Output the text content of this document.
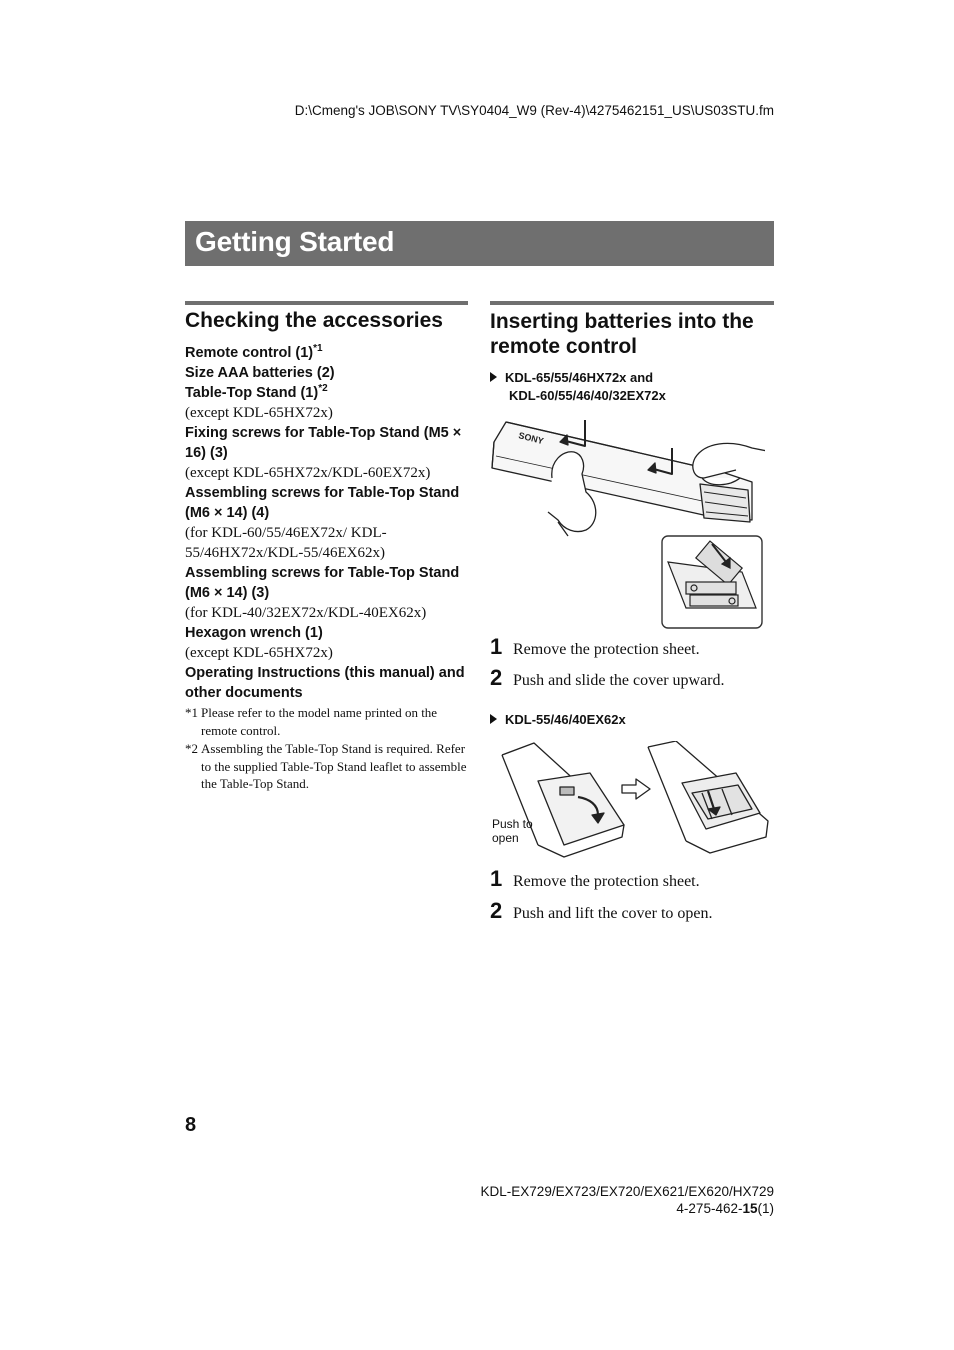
D:\Cmeng's JOB\SONY TV\SY0404_W9 (Rev-4)\4275462151_US\US03STU.fm
Getting Started
Checking the accessories
Remote control $(1)^{*1}$
Size AAA batteries (2)
Table-Top Stand $(1)^{*2}$
(except KDL-65HX72x)
Fixing screws for Table-Top Stand (M5 × 16) (3)
(except KDL-65HX72x/KDL-60EX72x)
Assembling screws for Table-Top Stand (M6 × 14) (4)
(for KDL-60/55/46EX72x/ KDL-55/46HX72x/KDL-55/46EX62x)
Assembling screws for Table-Top Stand (M6 × 14) (3)
(for KDL-40/32EX72x/KDL-40EX62x)
Hexagon wrench (1)
(except KDL-65HX72x)
Operating Instructions (this manual) and other documents
*1 Please refer to the model name printed on the remote control.
*2 Assembling the Table-Top Stand is required. Refer to the supplied Table-Top Stand leaflet to assemble the Table-Top Stand.
Inserting batteries into the remote control
KDL-65/55/46HX72x and
KDL-60/55/46/40/32EX72x
SONY
1 Remove the protection sheet.
2 Push and slide the cover upward.
KDL-55/46/40EX62x
Push to
open
1 Remove the protection sheet.
2 Push and lift the cover to open.
8
KDL-EX729/EX723/EX720/EX621/EX620/HX729
4-275-462-15(1)
